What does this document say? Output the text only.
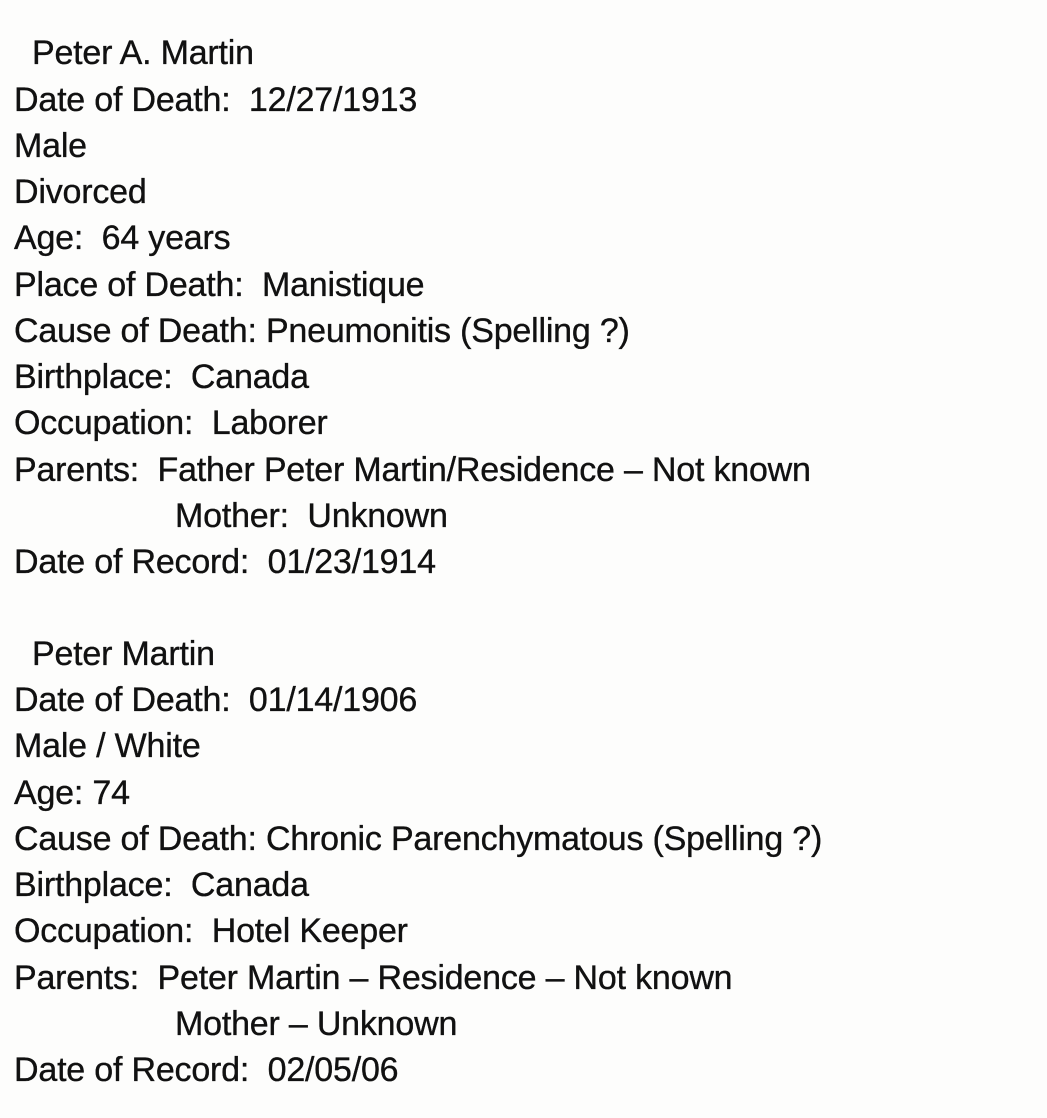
Peter A. Martin
Date of Death:  12/27/1913
Male
Divorced
Age:  64 years
Place of Death:  Manistique
Cause of Death: Pneumonitis (Spelling ?)
Birthplace:  Canada
Occupation:  Laborer
Parents:  Father Peter Martin/Residence – Not known
Mother:  Unknown
Date of Record:  01/23/1914
Peter Martin
Date of Death:  01/14/1906
Male / White
Age: 74
Cause of Death: Chronic Parenchymatous (Spelling ?)
Birthplace:  Canada
Occupation:  Hotel Keeper
Parents:  Peter Martin – Residence – Not known
Mother – Unknown
Date of Record:  02/05/06
